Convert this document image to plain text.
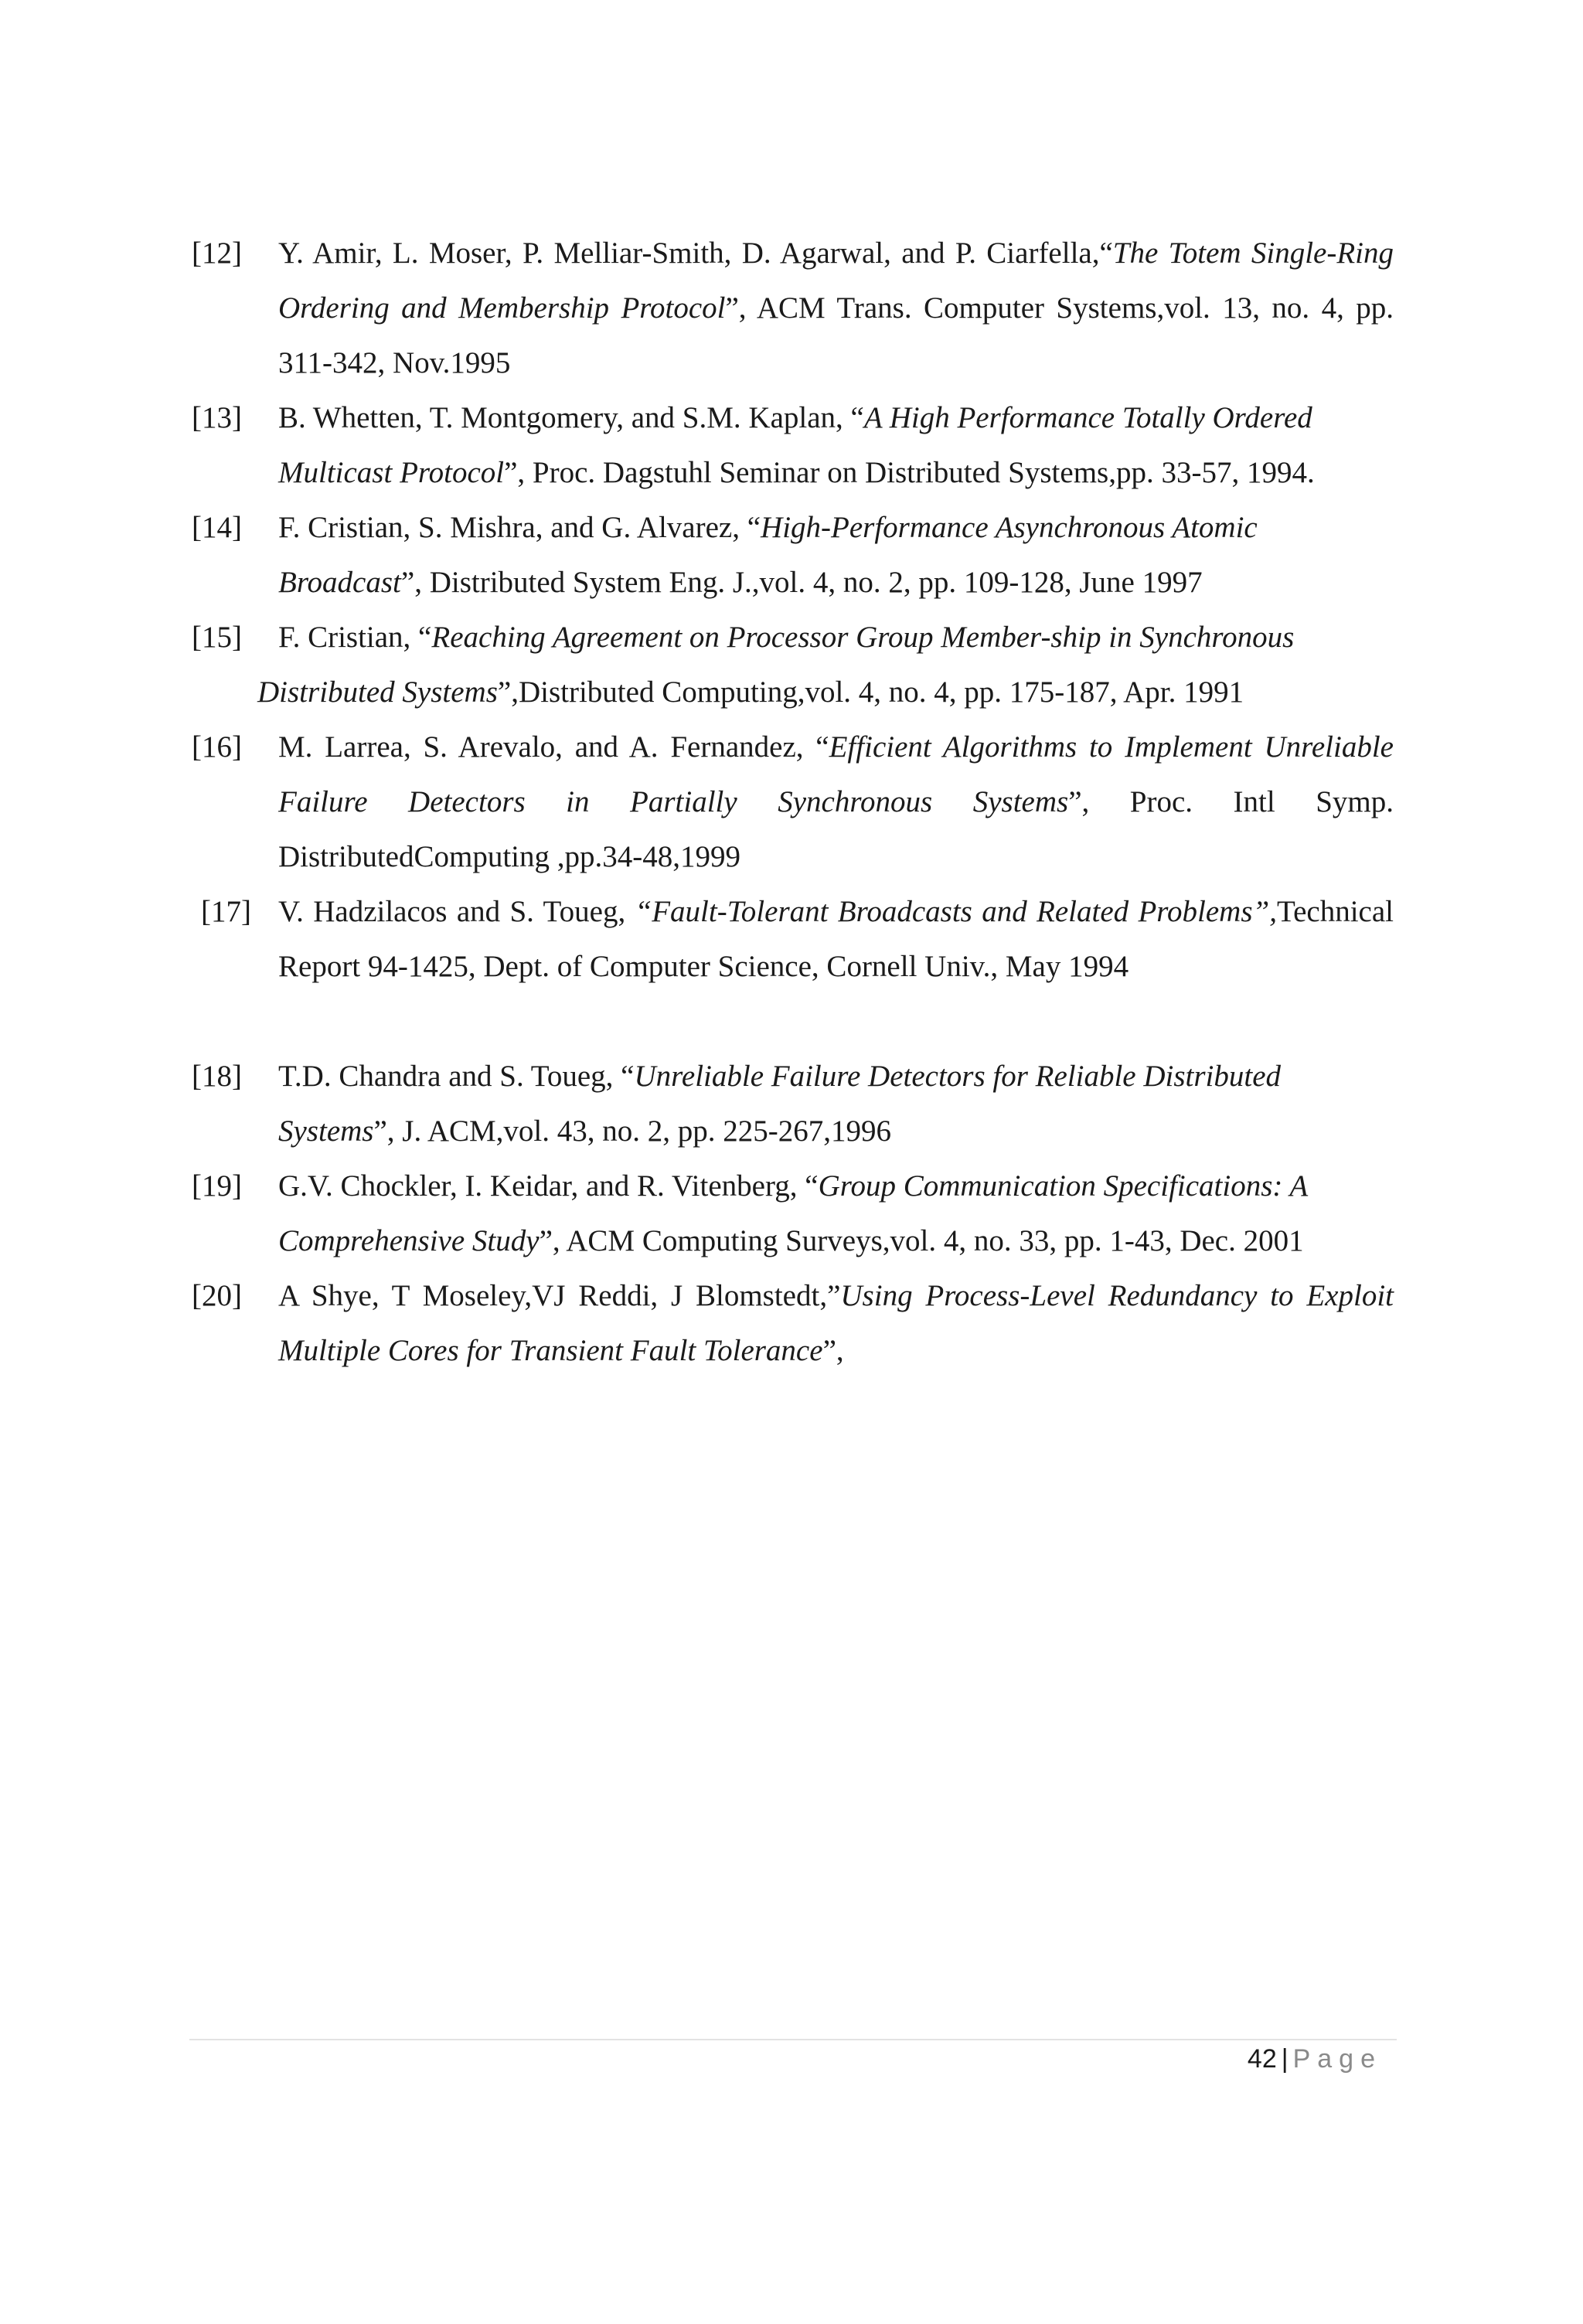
[12] Y. Amir, L. Moser, P. Melliar-Smith, D. Agarwal, and P. Ciarfella,“The Totem Single-Ring Ordering and Membership Protocol”, ACM Trans. Computer Systems,vol. 13, no. 4, pp. 311-342, Nov.1995
[13] B. Whetten, T. Montgomery, and S.M. Kaplan, “A High Performance Totally Ordered Multicast Protocol”, Proc. Dagstuhl Seminar on Distributed Systems,pp. 33-57, 1994.
[14] F. Cristian, S. Mishra, and G. Alvarez, “High-Performance Asynchronous Atomic Broadcast”, Distributed System Eng. J.,vol. 4, no. 2, pp. 109-128, June 1997
[15] F. Cristian, “Reaching Agreement on Processor Group Member-ship in Synchronous
Distributed Systems”,Distributed Computing,vol. 4, no. 4, pp. 175-187, Apr. 1991
[16] M. Larrea, S. Arevalo, and A. Fernandez, “Efficient Algorithms to Implement Unreliable Failure Detectors in Partially Synchronous Systems”, Proc. Intl Symp. DistributedComputing ,pp.34-48,1999
[17] V. Hadzilacos and S. Toueg, “Fault-Tolerant Broadcasts and Related Problems”,Technical Report 94-1425, Dept. of Computer Science, Cornell Univ., May 1994
[18] T.D. Chandra and S. Toueg, “Unreliable Failure Detectors for Reliable Distributed Systems”, J. ACM,vol. 43, no. 2, pp. 225-267,1996
[19] G.V. Chockler, I. Keidar, and R. Vitenberg, “Group Communication Specifications: A Comprehensive Study”, ACM Computing Surveys,vol. 4, no. 33, pp. 1-43, Dec. 2001
[20] A Shye, T Moseley,VJ Reddi, J Blomstedt,”Using Process-Level Redundancy to Exploit Multiple Cores for Transient Fault Tolerance”,
42 | Page
